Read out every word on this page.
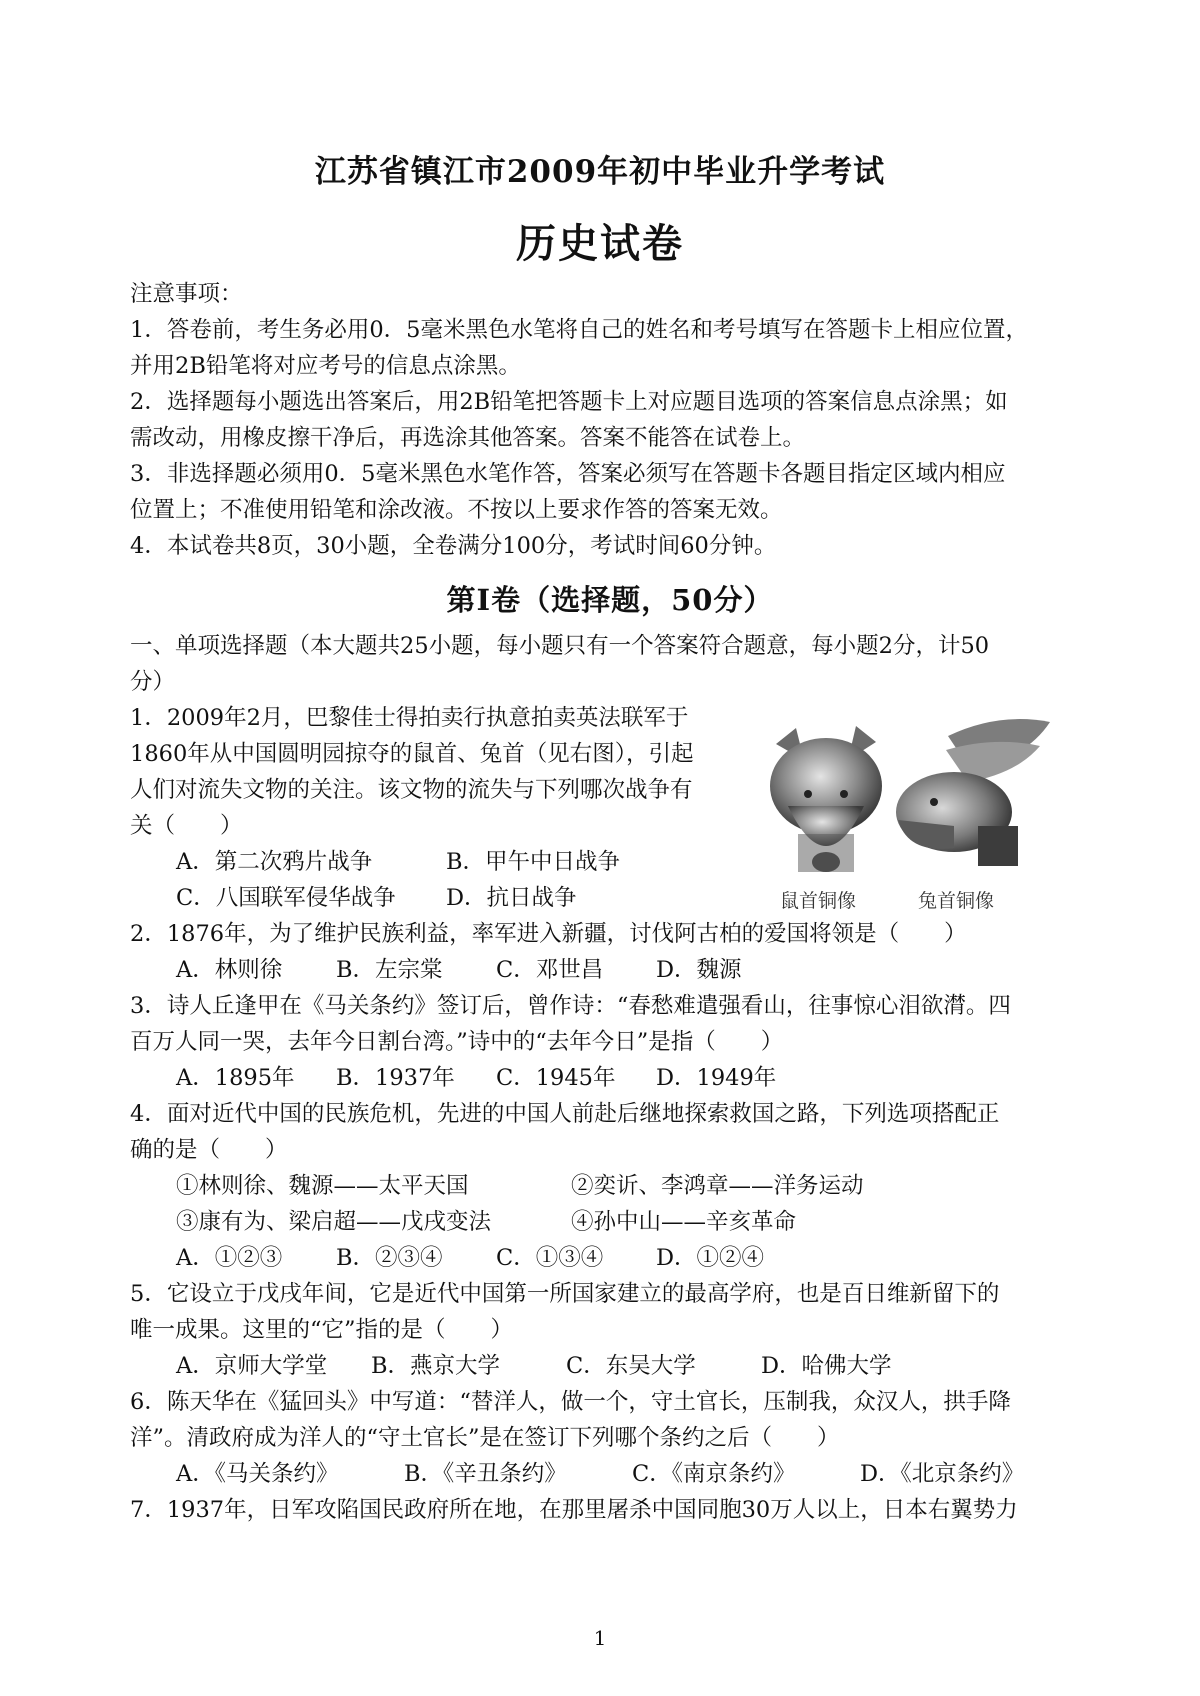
江苏省镇江市2009年初中毕业升学考试
历史试卷

注意事项：

1．答卷前，考生务必用0．5毫米黑色水笔将自己的姓名和考号填写在答题卡上相应位置，

并用2B铅笔将对应考号的信息点涂黑。

2．选择题每小题选出答案后，用2B铅笔把答题卡上对应题目选项的答案信息点涂黑；如

需改动，用橡皮擦干净后，再选涂其他答案。答案不能答在试卷上。

3．非选择题必须用0．5毫米黑色水笔作答，答案必须写在答题卡各题目指定区域内相应

位置上；不准使用铅笔和涂改液。不按以上要求作答的答案无效。

4．本试卷共8页，30小题，全卷满分100分，考试时间60分钟。

第Ⅰ卷（选择题，50分）

一、单项选择题（本大题共25小题，每小题只有一个答案符合题意，每小题2分，计50

分）

1．2009年2月，巴黎佳士得拍卖行执意拍卖英法联军于

1860年从中国圆明园掠夺的鼠首、兔首（见右图），引起

人们对流失文物的关注。该文物的流失与下列哪次战争有

关（　　）

A．第二次鸦片战争	B．甲午中日战争
C．八国联军侵华战争 D．抗日战争

2．1876年，为了维护民族利益，率军进入新疆，讨伐阿古柏的爱国将领是（　　）

A．林则徐 B．左宗棠 C．邓世昌 D．魏源

3．诗人丘逢甲在《马关条约》签订后，曾作诗：“春愁难遣强看山，往事惊心泪欲潸。四

百万人同一哭，去年今日割台湾。”诗中的“去年今日”是指（　　）

A．1895年 B．1937年 C．1945年 D．1949年

4．面对近代中国的民族危机，先进的中国人前赴后继地探索救国之路，下列选项搭配正

确的是（　　）

①林则徐、魏源——太平天国	②奕䜣、李鸿章——洋务运动
③康有为、梁启超——戊戌变法	④孙中山——辛亥革命
A．①②③ B．②③④ C．①③④ D．①②④

5．它设立于戊戌年间，它是近代中国第一所国家建立的最高学府，也是百日维新留下的

唯一成果。这里的“它”指的是（　　）

A．京师大学堂 B．燕京大学	C．东吴大学	D．哈佛大学

6．陈天华在《猛回头》中写道：“替洋人，做一个，守土官长，压制我，众汉人，拱手降

洋”。清政府成为洋人的“守土官长”是在签订下列哪个条约之后（　　）

A．《马关条约》	B．《辛丑条约》	C．《南京条约》	D．《北京条约》

7．1937年，日军攻陷国民政府所在地，在那里屠杀中国同胞30万人以上，日本右翼势力

鼠首铜像	兔首铜像
1
